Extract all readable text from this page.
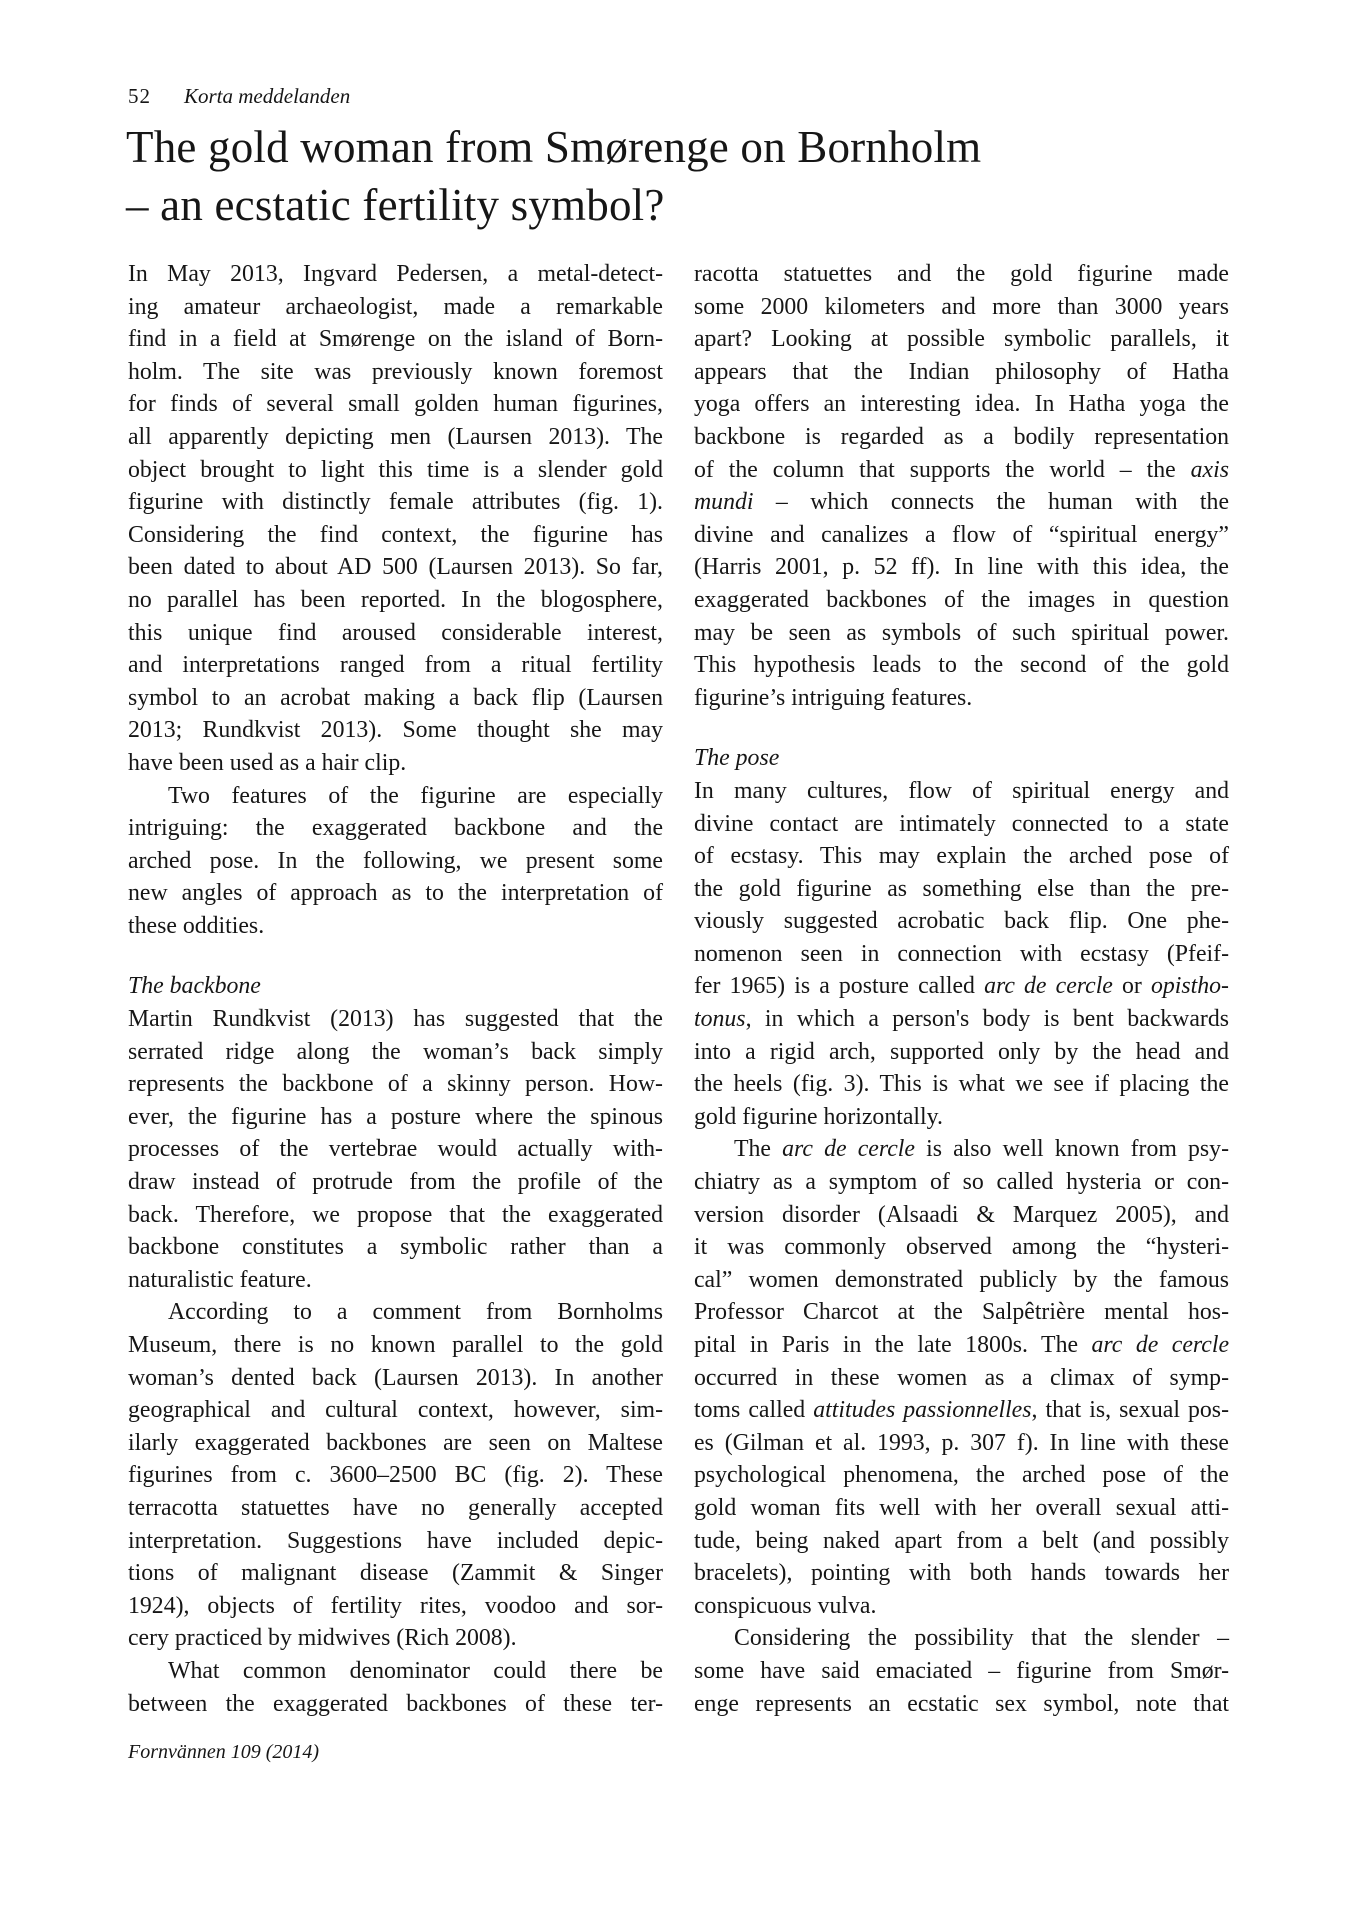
52 Korta meddelanden
The gold woman from Smørenge on Bornholm
– an ecstatic fertility symbol?
In May 2013, Ingvard Pedersen, a metal-detect-
ing amateur archaeologist, made a remarkable
find in a field at Smørenge on the island of Born-
holm. The site was previously known foremost
for finds of several small golden human figurines,
all apparently depicting men (Laursen 2013). The
object brought to light this time is a slender gold
figurine with distinctly female attributes (fig. 1).
Considering the find context, the figurine has
been dated to about AD 500 (Laursen 2013). So far,
no parallel has been reported. In the blogosphere,
this unique find aroused considerable interest,
and interpretations ranged from a ritual fertility
symbol to an acrobat making a back flip (Laursen
2013; Rundkvist 2013). Some thought she may
have been used as a hair clip.
Two features of the figurine are especially
intriguing: the exaggerated backbone and the
arched pose. In the following, we present some
new angles of approach as to the interpretation of
these oddities.
The backbone
Martin Rundkvist (2013) has suggested that the
serrated ridge along the woman’s back simply
represents the backbone of a skinny person. How-
ever, the figurine has a posture where the spinous
processes of the vertebrae would actually with-
draw instead of protrude from the profile of the
back. Therefore, we propose that the exaggerated
backbone constitutes a symbolic rather than a
naturalistic feature.
According to a comment from Bornholms
Museum, there is no known parallel to the gold
woman’s dented back (Laursen 2013). In another
geographical and cultural context, however, sim-
ilarly exaggerated backbones are seen on Maltese
figurines from c. 3600–2500 BC (fig. 2). These
terracotta statuettes have no generally accepted
interpretation. Suggestions have included depic-
tions of malignant disease (Zammit & Singer
1924), objects of fertility rites, voodoo and sor-
cery practiced by midwives (Rich 2008).
What common denominator could there be
between the exaggerated backbones of these ter-
racotta statuettes and the gold figurine made
some 2000 kilometers and more than 3000 years
apart? Looking at possible symbolic parallels, it
appears that the Indian philosophy of Hatha
yoga offers an interesting idea. In Hatha yoga the
backbone is regarded as a bodily representation
of the column that supports the world – the axis
mundi – which connects the human with the
divine and canalizes a flow of “spiritual energy”
(Harris 2001, p. 52 ff). In line with this idea, the
exaggerated backbones of the images in question
may be seen as symbols of such spiritual power.
This hypothesis leads to the second of the gold
figurine’s intriguing features.
The pose
In many cultures, flow of spiritual energy and
divine contact are intimately connected to a state
of ecstasy. This may explain the arched pose of
the gold figurine as something else than the pre-
viously suggested acrobatic back flip. One phe-
nomenon seen in connection with ecstasy (Pfeif-
fer 1965) is a posture called arc de cercle or opistho-
tonus, in which a person's body is bent backwards
into a rigid arch, supported only by the head and
the heels (fig. 3). This is what we see if placing the
gold figurine horizontally.
The arc de cercle is also well known from psy-
chiatry as a symptom of so called hysteria or con-
version disorder (Alsaadi & Marquez 2005), and
it was commonly observed among the “hysteri-
cal” women demonstrated publicly by the famous
Professor Charcot at the Salpêtrière mental hos-
pital in Paris in the late 1800s. The arc de cercle
occurred in these women as a climax of symp-
toms called attitudes passionnelles, that is, sexual pos-
es (Gilman et al. 1993, p. 307 f). In line with these
psychological phenomena, the arched pose of the
gold woman fits well with her overall sexual atti-
tude, being naked apart from a belt (and possibly
bracelets), pointing with both hands towards her
conspicuous vulva.
Considering the possibility that the slender –
some have said emaciated – figurine from Smør-
enge represents an ecstatic sex symbol, note that
Fornvännen 109 (2014)
